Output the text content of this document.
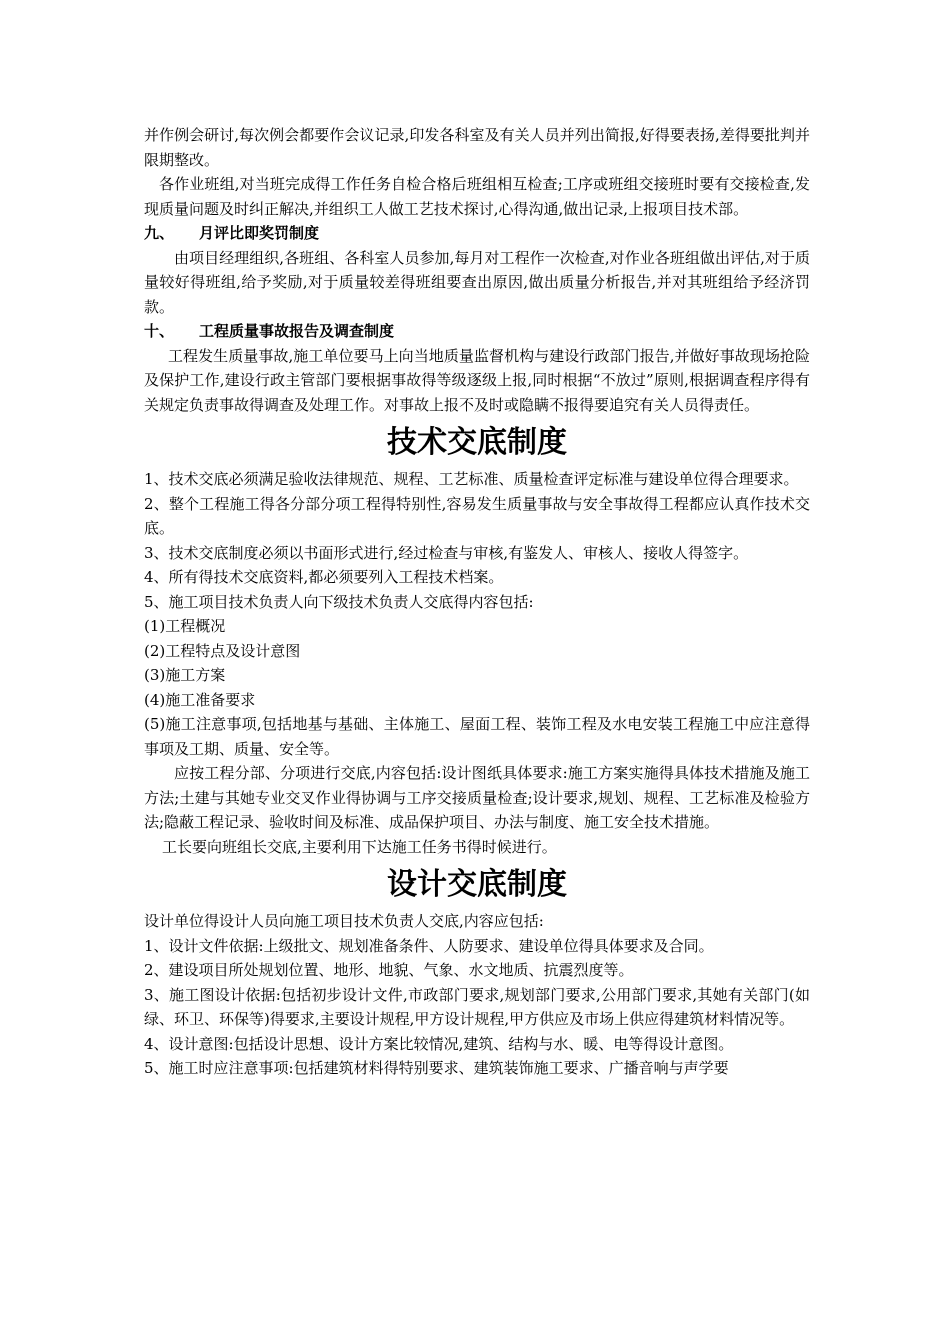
并作例会研讨,每次例会都要作会议记录,印发各科室及有关人员并列出简报,好得要表扬,差得要批判并限期整改。

各作业班组,对当班完成得工作任务自检合格后班组相互检查;工序或班组交接班时要有交接检查,发现质量问题及时纠正解决,并组织工人做工艺技术探讨,心得沟通,做出记录,上报项目技术部。

九、	月评比即奖罚制度

由项目经理组织,各班组、各科室人员参加,每月对工程作一次检查,对作业各班组做出评估,对于质量较好得班组,给予奖励,对于质量较差得班组要查出原因,做出质量分析报告,并对其班组给予经济罚款。

十、	工程质量事故报告及调查制度

工程发生质量事故,施工单位要马上向当地质量监督机构与建设行政部门报告,并做好事故现场抢险及保护工作,建设行政主管部门要根据事故得等级逐级上报,同时根据“不放过”原则,根据调查程序得有关规定负责事故得调查及处理工作。对事故上报不及时或隐瞒不报得要追究有关人员得责任。

技术交底制度

1、技术交底必须满足验收法律规范、规程、工艺标准、质量检查评定标准与建设单位得合理要求。

2、整个工程施工得各分部分项工程得特别性,容易发生质量事故与安全事故得工程都应认真作技术交底。

3、技术交底制度必须以书面形式进行,经过检查与审核,有鉴发人、审核人、接收人得签字。

4、所有得技术交底资料,都必须要列入工程技术档案。

5、施工项目技术负责人向下级技术负责人交底得内容包括:

(1)工程概况

(2)工程特点及设计意图

(3)施工方案

(4)施工准备要求

(5)施工注意事项,包括地基与基础、主体施工、屋面工程、装饰工程及水电安装工程施工中应注意得事项及工期、质量、安全等。

应按工程分部、分项进行交底,内容包括:设计图纸具体要求:施工方案实施得具体技术措施及施工方法;土建与其她专业交叉作业得协调与工序交接质量检查;设计要求,规划、规程、工艺标准及检验方法;隐蔽工程记录、验收时间及标准、成品保护项目、办法与制度、施工安全技术措施。

工长要向班组长交底,主要利用下达施工任务书得时候进行。

设计交底制度

设计单位得设计人员向施工项目技术负责人交底,内容应包括:

1、设计文件依据:上级批文、规划准备条件、人防要求、建设单位得具体要求及合同。

2、建设项目所处规划位置、地形、地貌、气象、水文地质、抗震烈度等。

3、施工图设计依据:包括初步设计文件,市政部门要求,规划部门要求,公用部门要求,其她有关部门(如绿、环卫、环保等)得要求,主要设计规程,甲方设计规程,甲方供应及市场上供应得建筑材料情况等。

4、设计意图:包括设计思想、设计方案比较情况,建筑、结构与水、暖、电等得设计意图。

5、施工时应注意事项:包括建筑材料得特别要求、建筑装饰施工要求、广播音响与声学要
